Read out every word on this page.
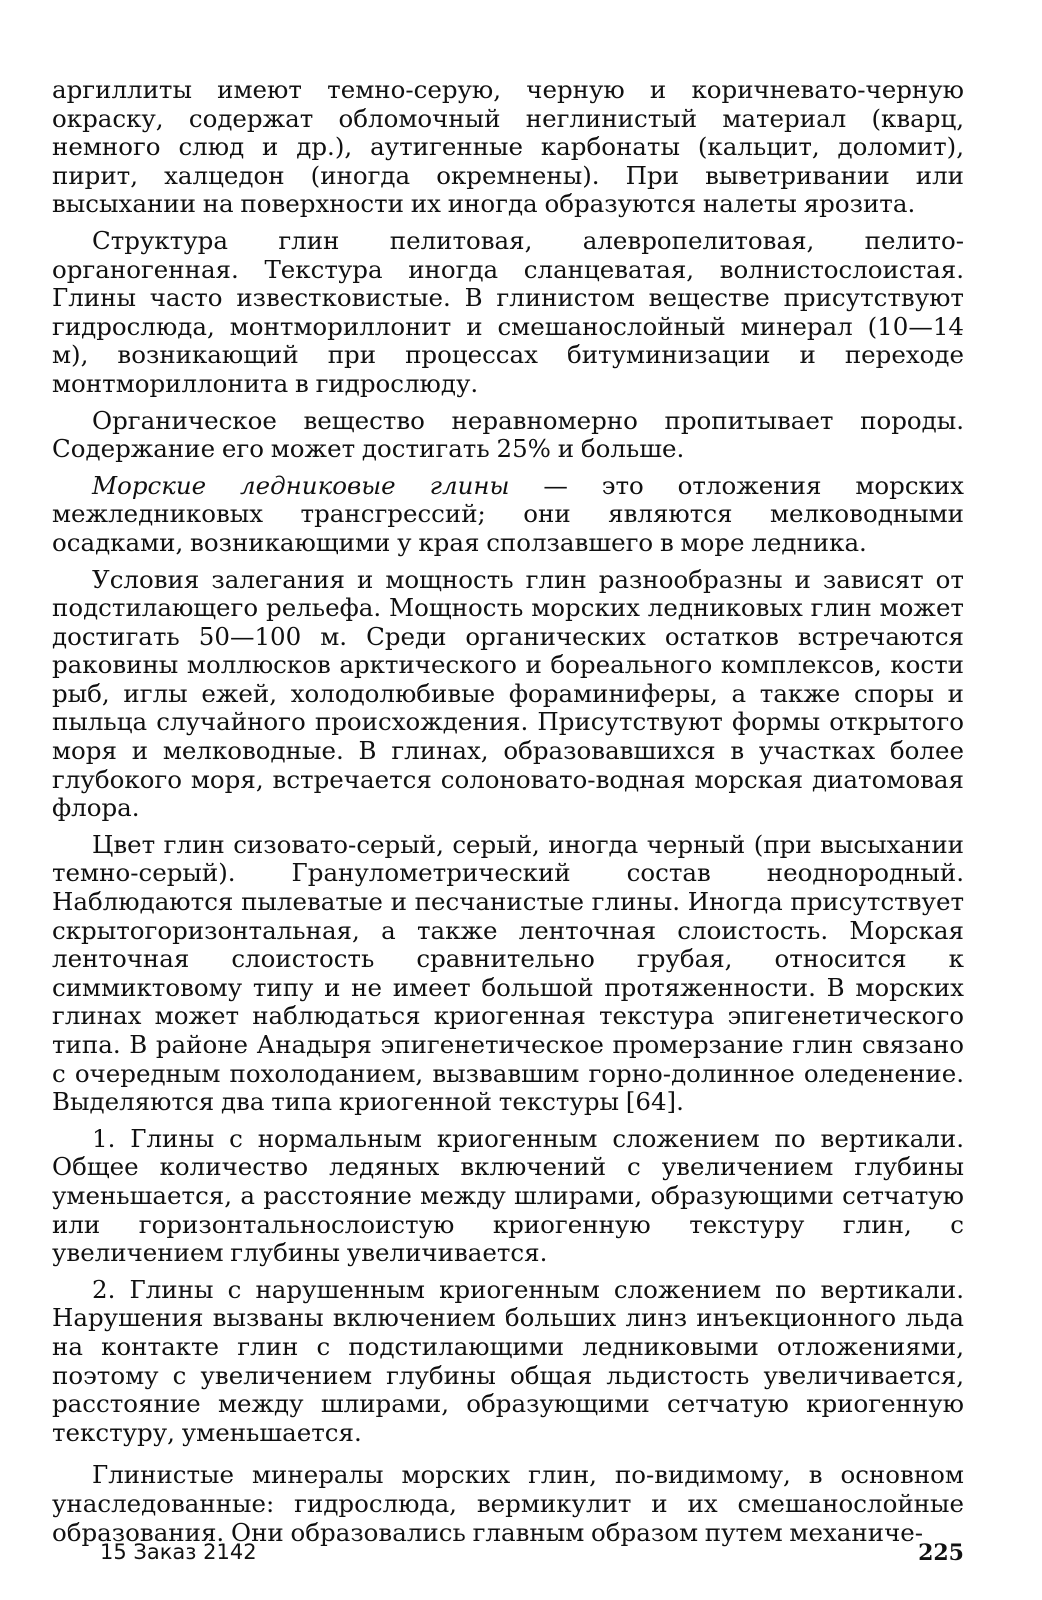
аргиллиты имеют темно-серую, черную и коричневато-черную окраску, содержат обломочный неглинистый материал (кварц, немного слюд и др.), аутигенные карбонаты (кальцит, доломит), пирит, халцедон (иногда окремнены). При выветривании или высыхании на поверхности их иногда образуются налеты ярозита.

Структура глин пелитовая, алевропелитовая, пелито-органогенная. Текстура иногда сланцеватая, волнистослоистая. Глины часто известковистые. В глинистом веществе присутствуют гидрослюда, монтмориллонит и смешанослойный минерал (10—14 м), возникающий при процессах битуминизации и переходе монтмориллонита в гидрослюду.

Органическое вещество неравномерно пропитывает породы. Содержание его может достигать 25% и больше.

Морские ледниковые глины — это отложения морских межледниковых трансгрессий; они являются мелководными осадками, возникающими у края сползавшего в море ледника.

Условия залегания и мощность глин разнообразны и зависят от подстилающего рельефа. Мощность морских ледниковых глин может достигать 50—100 м. Среди органических остатков встречаются раковины моллюсков арктического и бореального комплексов, кости рыб, иглы ежей, холодолюбивые фораминиферы, а также споры и пыльца случайного происхождения. Присутствуют формы открытого моря и мелководные. В глинах, образовавшихся в участках более глубокого моря, встречается солоновато-водная морская диатомовая флора.

Цвет глин сизовато-серый, серый, иногда черный (при высыхании темно-серый). Гранулометрический состав неоднородный. Наблюдаются пылеватые и песчанистые глины. Иногда присутствует скрытогоризонтальная, а также ленточная слоистость. Морская ленточная слоистость сравнительно грубая, относится к симмиктовому типу и не имеет большой протяженности. В морских глинах может наблюдаться криогенная текстура эпигенетического типа. В районе Анадыря эпигенетическое промерзание глин связано с очередным похолоданием, вызвавшим горно-долинное оледенение. Выделяются два типа криогенной текстуры [64].

1. Глины с нормальным криогенным сложением по вертикали. Общее количество ледяных включений с увеличением глубины уменьшается, а расстояние между шлирами, образующими сетчатую или горизонтальнослоистую криогенную текстуру глин, с увеличением глубины увеличивается.

2. Глины с нарушенным криогенным сложением по вертикали. Нарушения вызваны включением больших линз инъекционного льда на контакте глин с подстилающими ледниковыми отложениями, поэтому с увеличением глубины общая льдистость увеличивается, расстояние между шлирами, образующими сетчатую криогенную текстуру, уменьшается.

Глинистые минералы морских глин, по-видимому, в основном унаследованные: гидрослюда, вермикулит и их смешанослойные образования. Они образовались главным образом путем механиче-

15 Заказ 2142	225
